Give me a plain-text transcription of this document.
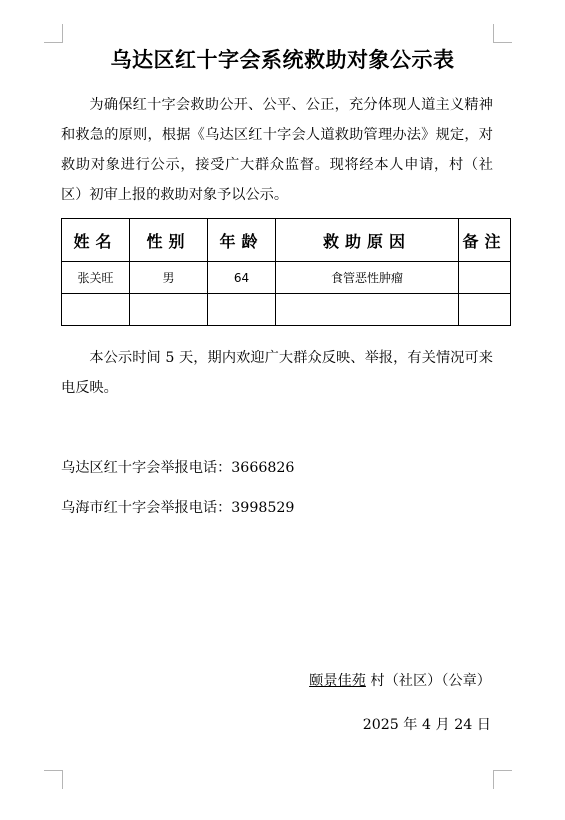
乌达区红十字会系统救助对象公示表

为确保红十字会救助公开、公平、公正，充分体现人道主义精神和救急的原则，根据《乌达区红十字会人道救助管理办法》规定，对救助对象进行公示，接受广大群众监督。现将经本人申请，村（社区）初审上报的救助对象予以公示。

姓名	性别	年龄	救助原因	备注
张关旺	男	64	食管恶性肿瘤	

本公示时间 5 天，期内欢迎广大群众反映、举报，有关情况可来电反映。

乌达区红十字会举报电话：3666826
乌海市红十字会举报电话：3998529
颐景佳苑 村（社区）（公章）
2025 年 4 月 24 日
